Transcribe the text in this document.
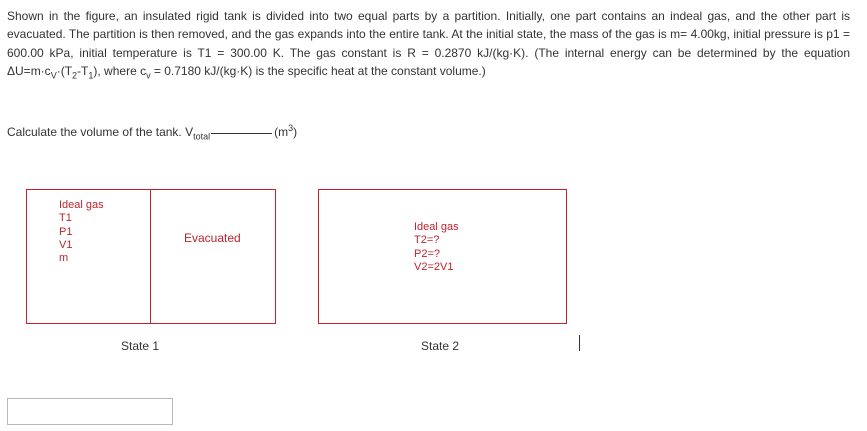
Shown in the figure, an insulated rigid tank is divided into two equal parts by a partition. Initially, one part contains an indeal gas, and the other part is evacuated. The partition is then removed, and the gas expands into the entire tank. At the initial state, the mass of the gas is m= 4.00kg, initial pressure is p1 = 600.00 kPa, initial temperature is T1 = 300.00 K. The gas constant is R = 0.2870 kJ/(kg·K). (The internal energy can be determined by the equation $\Delta U=m\cdot c_V\cdot(T_2-T_1)$, where $c_v = 0.7180$ kJ/(kg·K) is the specific heat at the constant volume.)

Calculate the volume of the tank. $V_{total}$	$(m^3)$
Ideal gas
T1
P1
V1
m
Evacuated
State 1
Ideal gas
T2=?
P2=?
V2=2V1
State 2
